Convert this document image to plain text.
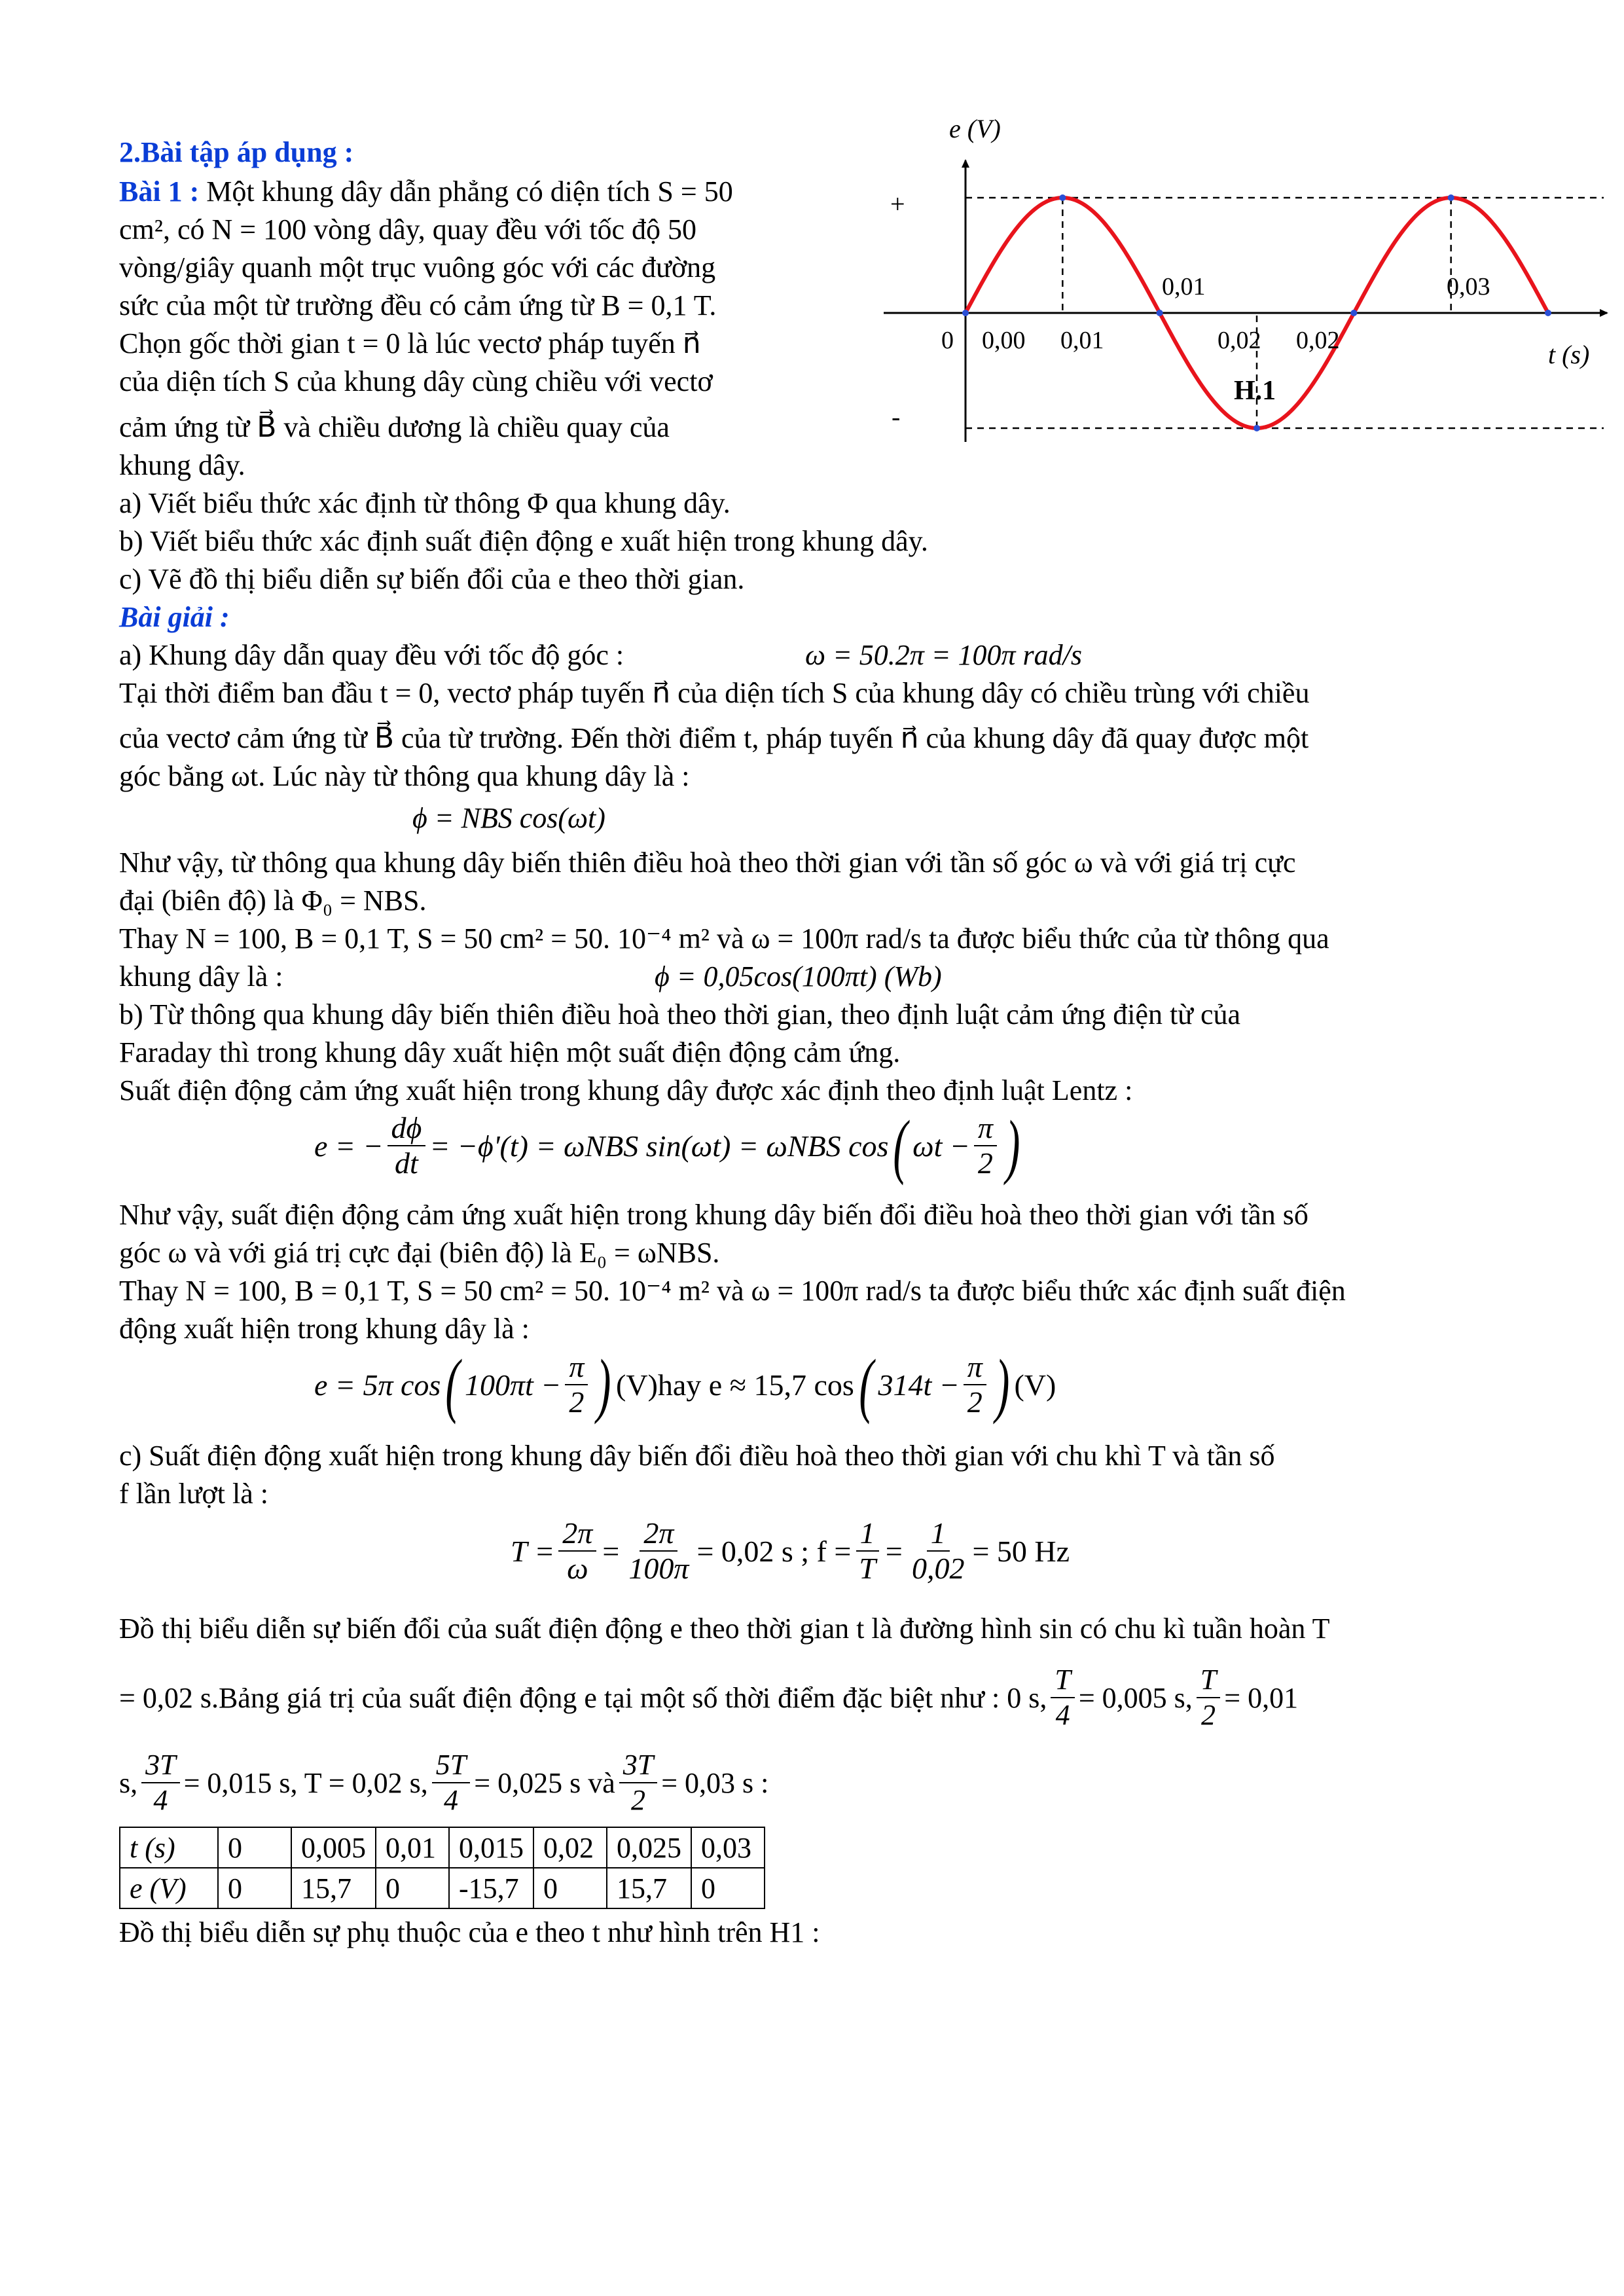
2.Bài tập áp dụng :
Bài 1 : Một khung dây dẫn phẳng có diện tích S = 50
cm², có N = 100 vòng dây, quay đều với tốc độ 50
vòng/giây quanh một trục vuông góc với các đường
sức của một từ trường đều có cảm ứng từ B = 0,1 T.
Chọn gốc thời gian t = 0 là lúc vectơ pháp tuyến n⃗
của diện tích S của khung dây cùng chiều với vectơ
cảm ứng từ B⃗ và chiều dương là chiều quay của
khung dây.
a) Viết biểu thức xác định từ thông Φ qua khung dây.
b) Viết biểu thức xác định suất điện động e xuất hiện trong khung dây.
c) Vẽ đồ thị biểu diễn sự biến đổi của e theo thời gian.
Bài giải :
a) Khung dây dẫn quay đều với tốc độ góc :	ω = 50.2π = 100π rad/s
Tại thời điểm ban đầu t = 0, vectơ pháp tuyến n⃗ của diện tích S của khung dây có chiều trùng với chiều
của vectơ cảm ứng từ B⃗ của từ trường. Đến thời điểm t, pháp tuyến n⃗ của khung dây đã quay được một
góc bằng ωt. Lúc này từ thông qua khung dây là :
ϕ = NBS cos(ωt)
Như vậy, từ thông qua khung dây biến thiên điều hoà theo thời gian với tần số góc ω và với giá trị cực
đại (biên độ) là Φ₀ = NBS.
Thay N = 100, B = 0,1 T, S = 50 cm² = 50. 10⁻⁴ m² và ω = 100π rad/s ta được biểu thức của từ thông qua
khung dây là :	ϕ = 0,05cos(100πt) (Wb)
b) Từ thông qua khung dây biến thiên điều hoà theo thời gian, theo định luật cảm ứng điện từ của
Faraday thì trong khung dây xuất hiện một suất điện động cảm ứng.
Suất điện động cảm ứng xuất hiện trong khung dây được xác định theo định luật Lentz :
e = − $\frac{d\phi}{dt} = -\phi'(t) = \omega NBS$ sin(ωt) = ωNBS cos ( $\omega t - \frac{\pi}{2}$ )
Như vậy, suất điện động cảm ứng xuất hiện trong khung dây biến đổi điều hoà theo thời gian với tần số
góc ω và với giá trị cực đại (biên độ) là E₀ = ωNBS.
Thay N = 100, B = 0,1 T, S = 50 cm² = 50. 10⁻⁴ m² và ω = 100π rad/s ta được biểu thức xác định suất điện
động xuất hiện trong khung dây là :
e = 5π cos ( $100\pi t - \frac{\pi}{2}$ ) (V)hay e ≈ 15,7 cos ( $314t - \frac{\pi}{2}$ ) (V)
c) Suất điện động xuất hiện trong khung dây biến đổi điều hoà theo thời gian với chu khì T và tần số
f lần lượt là :
$T = \frac{2\pi}{\omega} = \frac{2\pi}{100\pi} = 0,02$ s ; $f = \frac{1}{T} = \frac{1}{0,02} = 50$ Hz
Đồ thị biểu diễn sự biến đổi của suất điện động e theo thời gian t là đường hình sin có chu kì tuần hoàn T
= 0,02 s.Bảng giá trị của suất điện động e tại một số thời điểm đặc biệt như : 0 s, $\frac{T}{4} = 0,005$ s, $\frac{T}{2} = 0,01$
s, $\frac{3T}{4} = 0,015$ s, T = 0,02 s, $\frac{5T}{4} = 0,025$ s và $\frac{3T}{2} = 0,03$ s :
t (s)	0	0,005	0,01	0,015	0,02	0,025	0,03
e (V)	0	15,7	0	-15,7	0	15,7	0
Đồ thị biểu diễn sự phụ thuộc của e theo t như hình trên H1 :
e (V)
t (s)
+
-
0 0,00 0,01	0,02 0,02
0,01	0,03
H.1
